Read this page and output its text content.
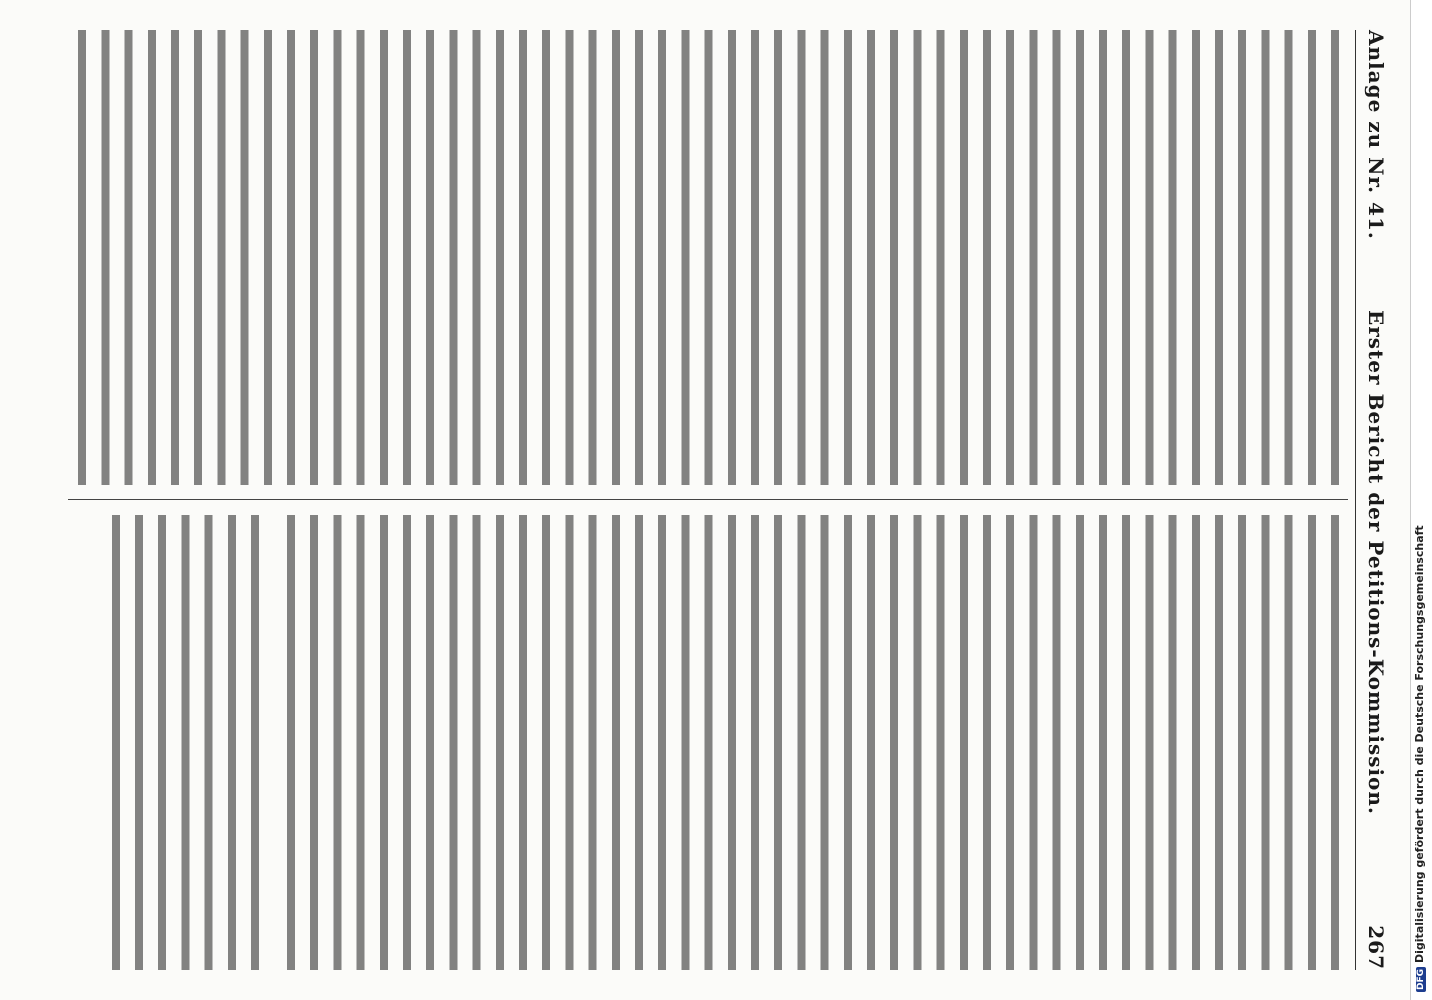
Anlage zu Nr. 41.
Erster Bericht der Petitions-Kommission.
267
DFGDigitalisierung gefördert durch die Deutsche Forschungsgemeinschaft
